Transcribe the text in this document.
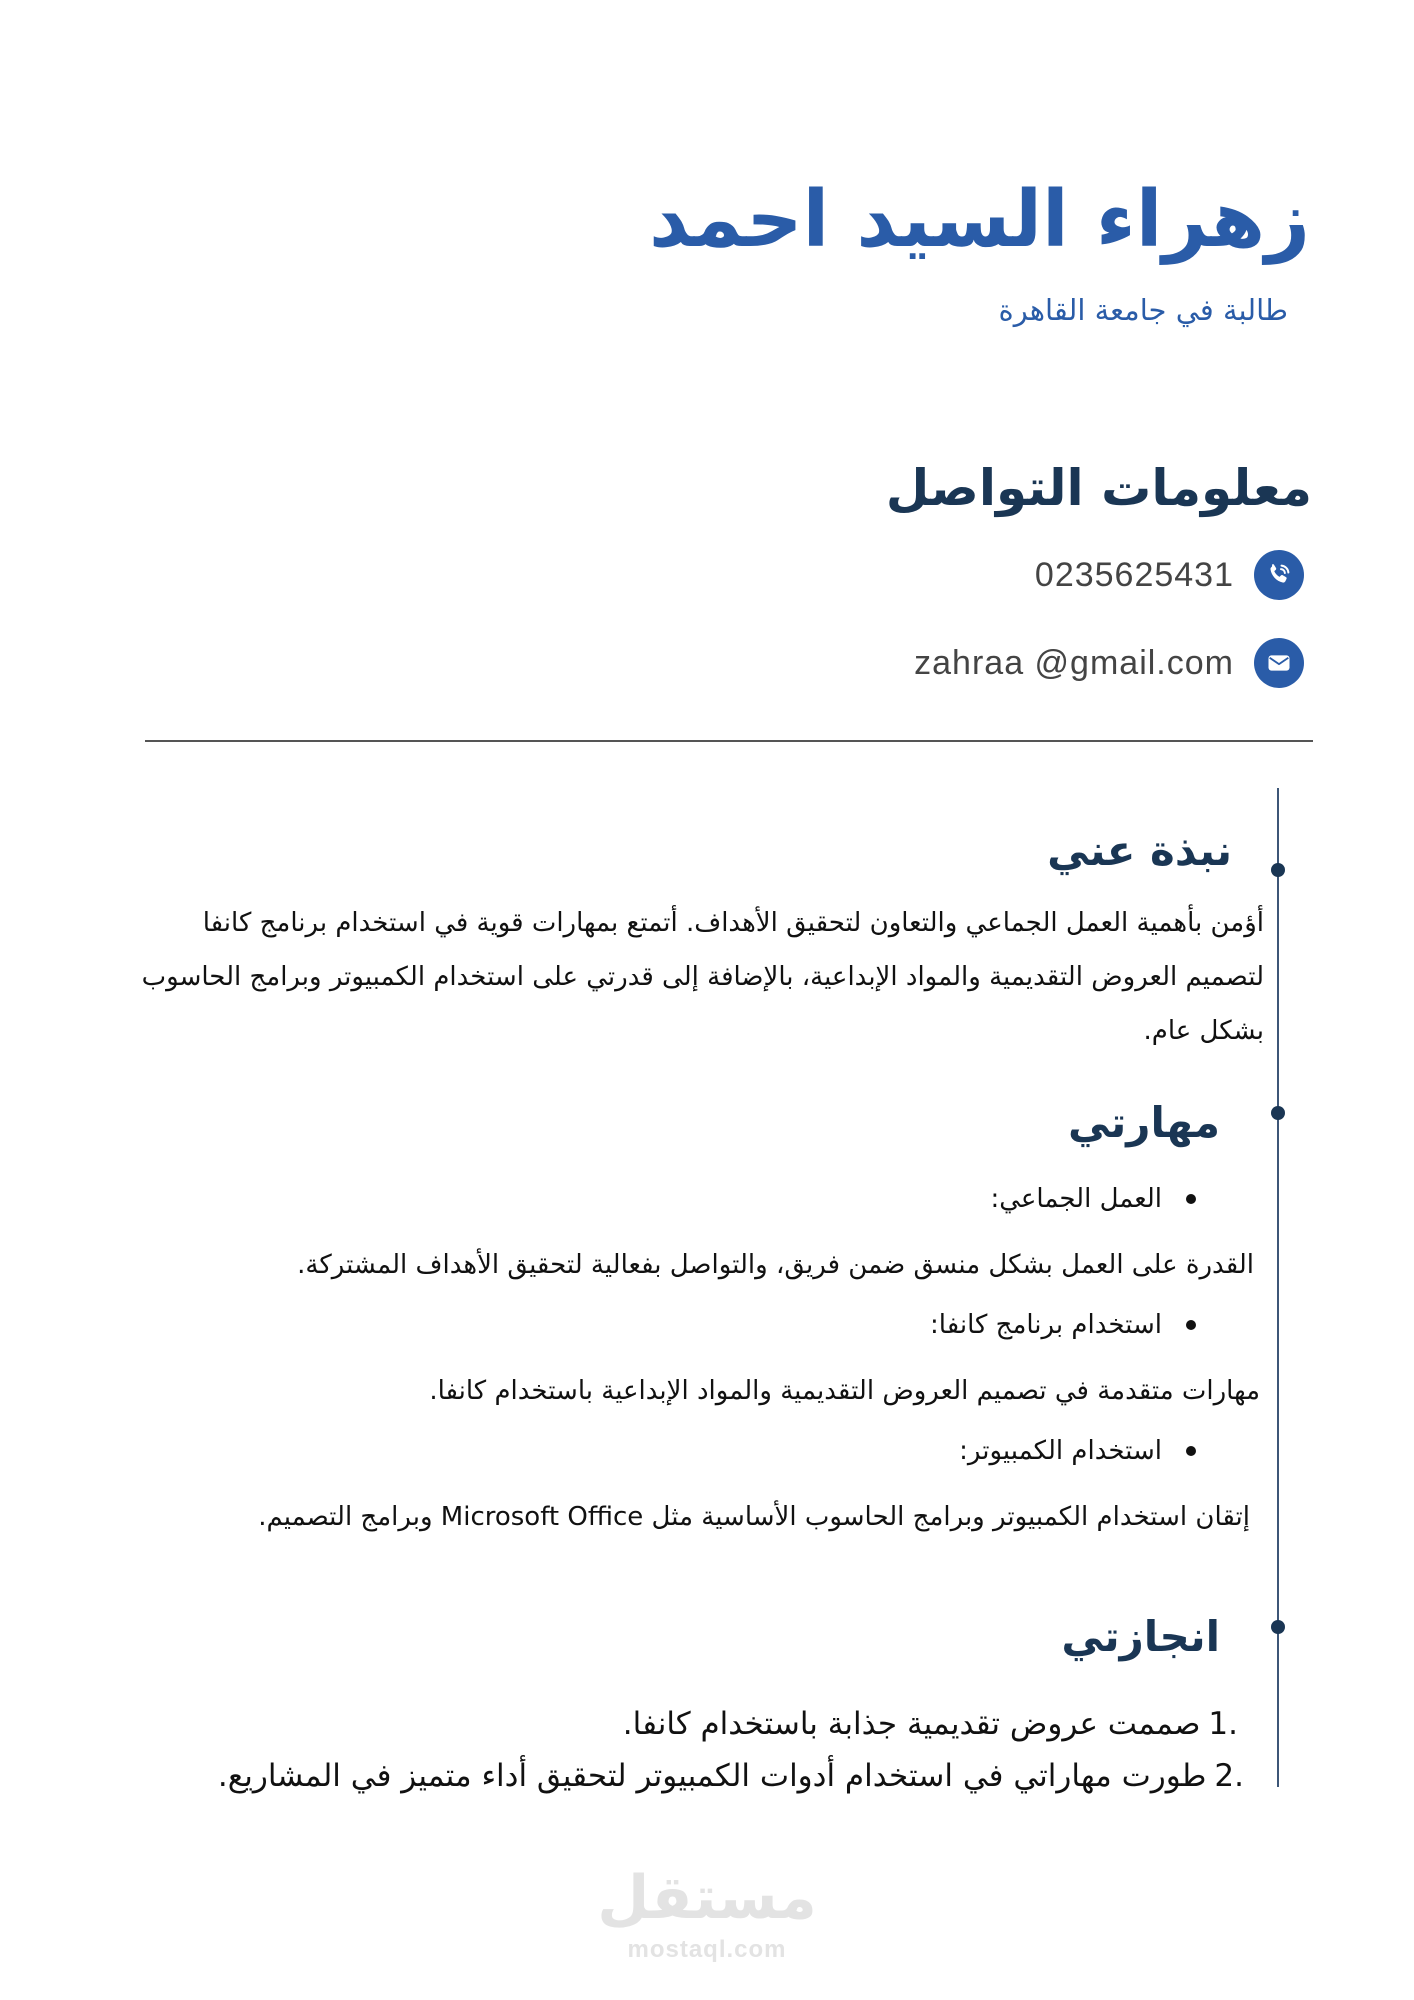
زهراء السيد احمد
طالبة في جامعة القاهرة
معلومات التواصل
0235625431
zahraa @gmail.com
نبذة عني

أؤمن بأهمية العمل الجماعي والتعاون لتحقيق الأهداف. أتمتع بمهارات قوية في استخدام برنامج كانفا

لتصميم العروض التقديمية والمواد الإبداعية، بالإضافة إلى قدرتي على استخدام الكمبيوتر وبرامج الحاسوب

بشكل عام.

مهارتي
العمل الجماعي:
القدرة على العمل بشكل منسق ضمن فريق، والتواصل بفعالية لتحقيق الأهداف المشتركة.
استخدام برنامج كانفا:
مهارات متقدمة في تصميم العروض التقديمية والمواد الإبداعية باستخدام كانفا.
استخدام الكمبيوتر:
إتقان استخدام الكمبيوتر وبرامج الحاسوب الأساسية مثل Microsoft Office وبرامج التصميم.
انجازتي
1.
صممت عروض تقديمية جذابة باستخدام كانفا.
2.
طورت مهاراتي في استخدام أدوات الكمبيوتر لتحقيق أداء متميز في المشاريع.
مستقل
mostaql.com
